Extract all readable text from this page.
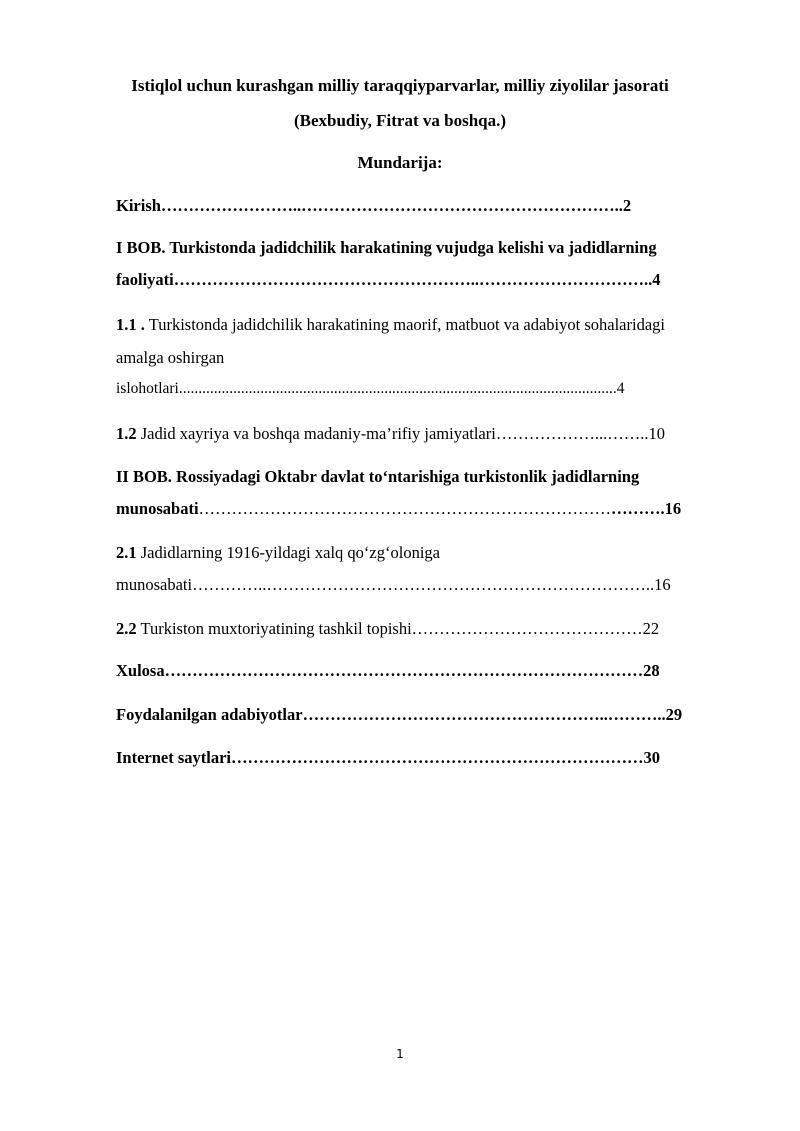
Istiqlol uchun kurashgan milliy taraqqiyparvarlar, milliy ziyolilar jasorati
(Bexbudiy, Fitrat va boshqa.)
Mundarija:
Kirish……………………..…………………………………………………..2
I BOB. Turkistonda jadidchilik harakatining vujudga kelishi va jadidlarning
faoliyati………………………………………………..…………………………..4
1.1 . Turkistonda jadidchilik harakatining maorif, matbuot va adabiyot sohalaridagi
amalga oshirgan
islohotlari.................................................................................................................4
1.2 Jadid xayriya va boshqa madaniy-ma’rifiy jamiyatlari………………...……..10
II BOB. Rossiyadagi Oktabr davlat to‘ntarishiga turkistonlik jadidlarning
munosabati………………………………………………………………………….16
2.1 Jadidlarning 1916-yildagi xalq qo‘zg‘oloniga
munosabati…………..……………………………………………………………..16
2.2 Turkiston muxtoriyatining tashkil topishi……………………………………22
Xulosa……………………………………………………………………………28
Foydalanilgan adabiyotlar………………………………………………..………..29
Internet saytlari…………………………………………………………………30
1
